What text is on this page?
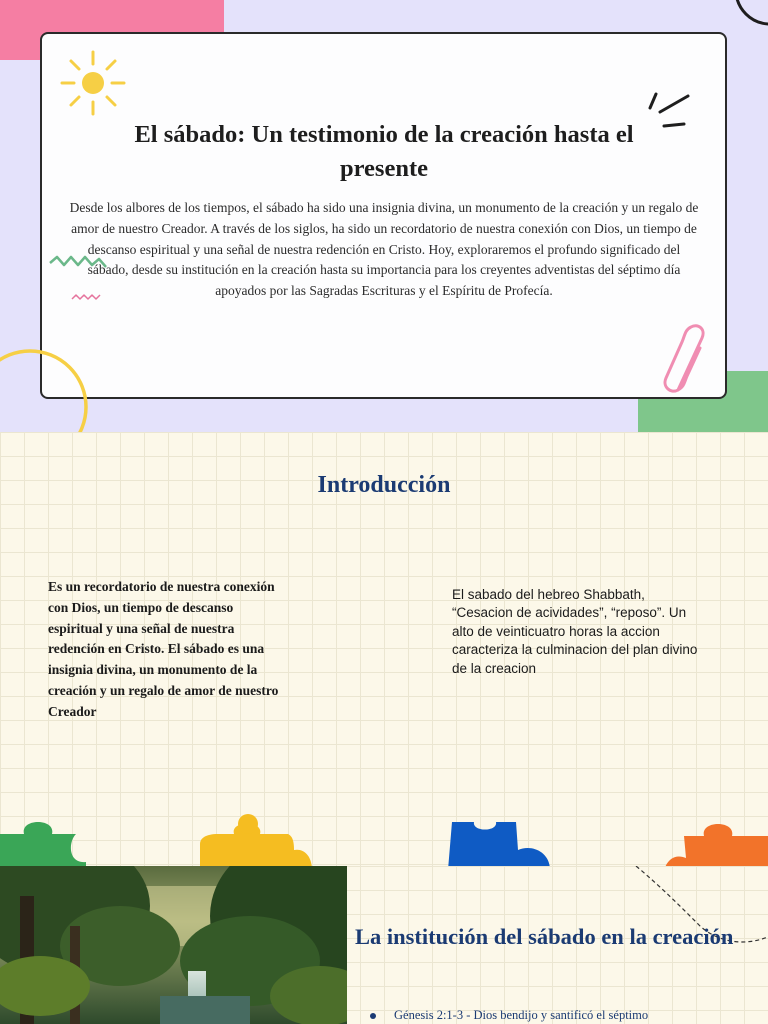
El sábado: Un testimonio de la creación hasta el presente
Desde los albores de los tiempos, el sábado ha sido una insignia divina, un monumento de la creación y un regalo de amor de nuestro Creador. A través de los siglos, ha sido un recordatorio de nuestra conexión con Dios, un tiempo de descanso espiritual y una señal de nuestra redención en Cristo. Hoy, exploraremos el profundo significado del sábado, desde su institución en la creación hasta su importancia para los creyentes adventistas del séptimo día apoyados por las Sagradas Escrituras y el Espíritu de Profecía.
Introducción
Es un recordatorio de nuestra conexión con Dios, un tiempo de descanso espiritual y una señal de nuestra redención en Cristo. El sábado es una insignia divina, un monumento de la creación y un regalo de amor de nuestro Creador
El sabado del hebreo Shabbath, “Cesacion de acividades”, “reposo”. Un alto de veinticuatro horas la accion caracteriza la culminacion del plan divino de la creacion
La institución del sábado en la creación
Génesis 2:1-3 - Dios bendijo y santificó el séptimo
